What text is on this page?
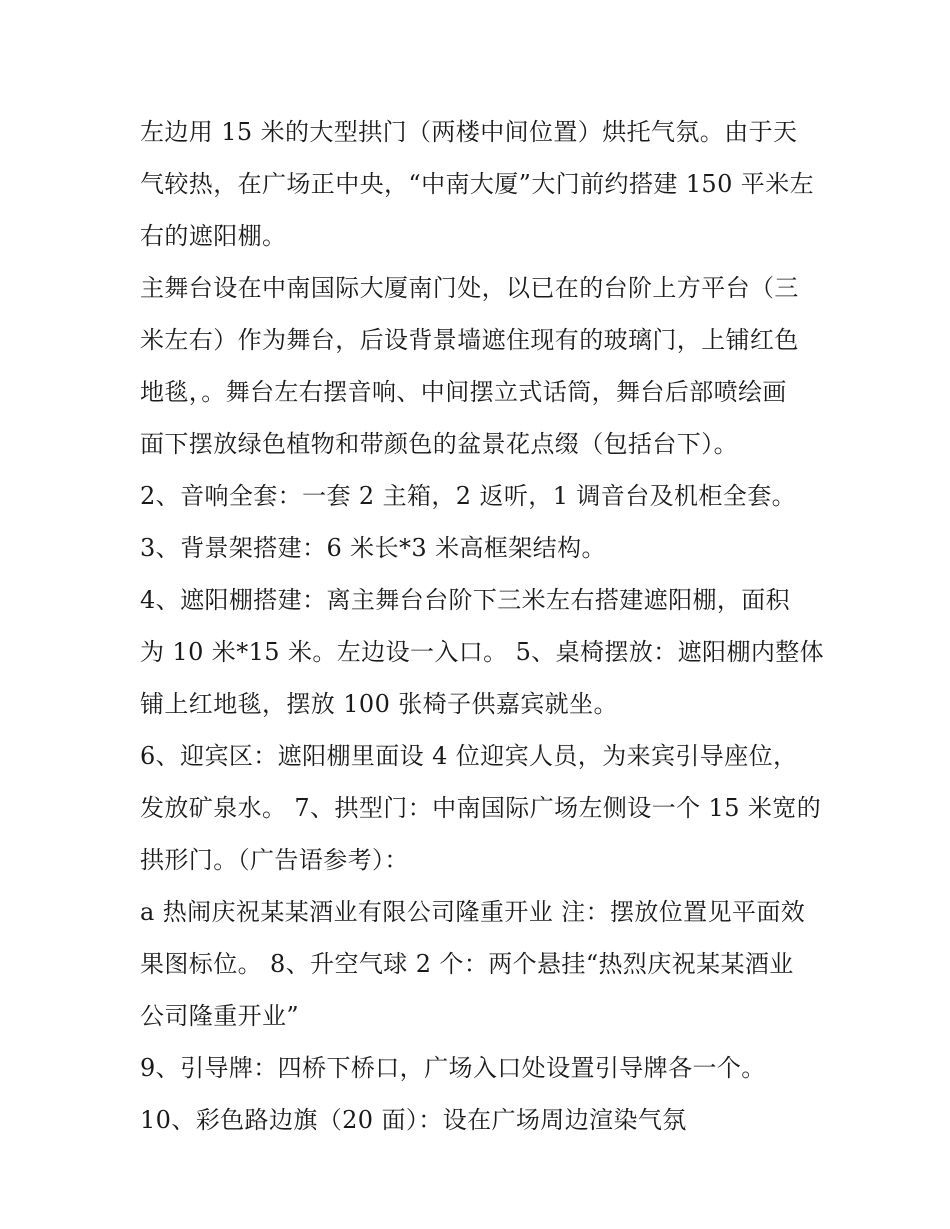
左边用 15 米的大型拱门（两楼中间位置）烘托气氛。由于天
气较热，在广场正中央，“中南大厦”大门前约搭建 150 平米左
右的遮阳棚。
主舞台设在中南国际大厦南门处，以已在的台阶上方平台（三
米左右）作为舞台，后设背景墙遮住现有的玻璃门，上铺红色
地毯，。舞台左右摆音响、中间摆立式话筒，舞台后部喷绘画
面下摆放绿色植物和带颜色的盆景花点缀（包括台下）。
2、音响全套：一套 2 主箱，2 返听，1 调音台及机柜全套。
3、背景架搭建：6 米长*3 米高框架结构。
4、遮阳棚搭建：离主舞台台阶下三米左右搭建遮阳棚，面积
为 10 米*15 米。左边设一入口。 5、桌椅摆放：遮阳棚内整体
铺上红地毯，摆放 100 张椅子供嘉宾就坐。
6、迎宾区：遮阳棚里面设 4 位迎宾人员，为来宾引导座位，
发放矿泉水。 7、拱型门：中南国际广场左侧设一个 15 米宽的
拱形门。（广告语参考）：
a 热闹庆祝某某酒业有限公司隆重开业 注：摆放位置见平面效
果图标位。 8、升空气球 2 个：两个悬挂“热烈庆祝某某酒业
公司隆重开业”
9、引导牌：四桥下桥口，广场入口处设置引导牌各一个。
10、彩色路边旗（20 面）：设在广场周边渲染气氛
